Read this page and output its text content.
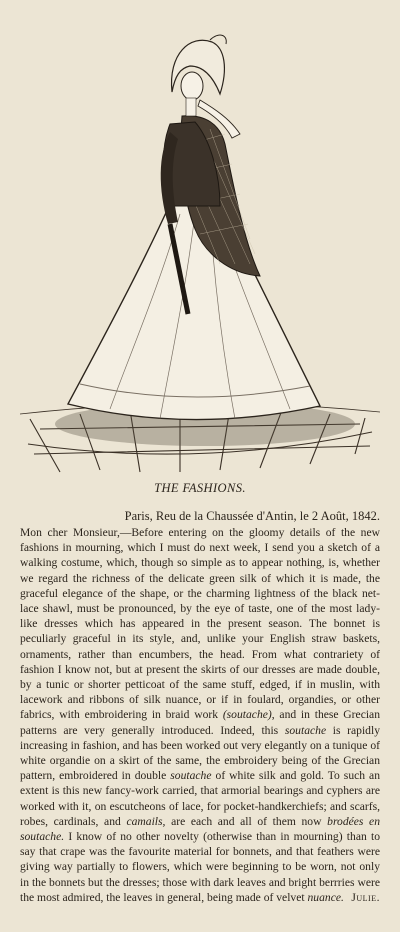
THE FASHIONS.
Paris, Reu de la Chaussée d'Antin, le 2 Août, 1842.

Mon cher Monsieur,—Before entering on the gloomy details of the new fashions in mourning, which I must do next week, I send you a sketch of a walking costume, which, though so simple as to appear nothing, is, whether we regard the richness of the delicate green silk of which it is made, the graceful elegance of the shape, or the charming lightness of the black net-lace shawl, must be pronounced, by the eye of taste, one of the most lady-like dresses which has appeared in the present season. The bonnet is peculiarly graceful in its style, and, unlike your English straw baskets, ornaments, rather than encumbers, the head. From what contrariety of fashion I know not, but at present the skirts of our dresses are made double, by a tunic or shorter petticoat of the same stuff, edged, if in muslin, with lacework and ribbons of silk nuance, or if in foulard, organdies, or other fabrics, with embroidering in braid work (soutache), and in these Grecian patterns are very generally introduced. Indeed, this soutache is rapidly increasing in fashion, and has been worked out very elegantly on a tunique of white organdie on a skirt of the same, the embroidery being of the Grecian pattern, embroidered in double soutache of white silk and gold. To such an extent is this new fancy-work carried, that armorial bearings and cyphers are worked with it, on escutcheons of lace, for pocket-handkerchiefs; and scarfs, robes, cardinals, and camails, are each and all of them now brodées en soutache. I know of no other novelty (otherwise than in mourning) than to say that crape was the favourite material for bonnets, and that feathers were giving way partially to flowers, which were beginning to be worn, not only in the bonnets but the dresses; those with dark leaves and bright berrries were the most admired, the leaves in general, being made of velvet nuance. Julie.
